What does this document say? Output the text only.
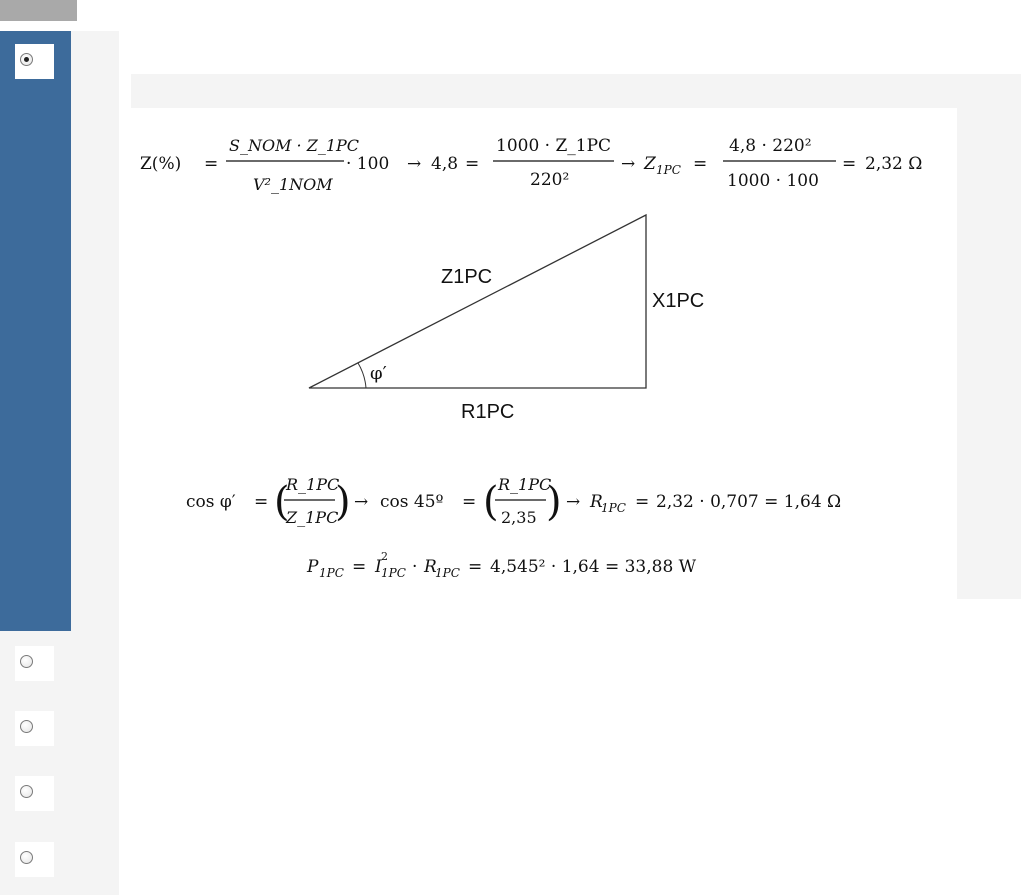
Z(%) =
S_NOM · Z_1PC
V²_1NOM
· 100 → 4,8 =
1000 · Z_1PC
220²
→ Z 1PC =
4,8 · 220²
1000 · 100
= 2,32 Ω
Z1PC
X1PC
R1PC
φ′
cos φ′ = (
R_1PC
Z_1PC
) → cos 45º = ( R_1PC
2,35 ) → R
1PC = 2,32 · 0,707 = 1,64 Ω
P 1PC = I
2
1PC · R
1PC = 4,545² · 1,64 = 33,88 W
